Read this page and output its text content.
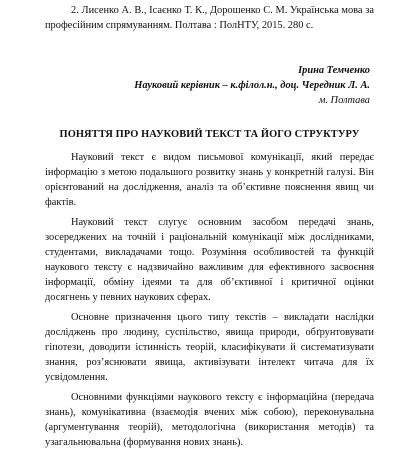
2. Лисенко А. В., Ісаєнко Т. К., Дорошенко С. М. Українська мова за професійним спрямуванням. Полтава : ПолНТУ, 2015. 280 с.

Ірина Темченко

Науковий керівник – к.філол.н., доц. Чередник Л. А.

м. Полтава

ПОНЯТТЯ ПРО НАУКОВИЙ ТЕКСТ ТА ЙОГО СТРУКТУРУ

Науковий текст є видом письмової комунікації, який передає інформацію з метою подальшого розвитку знань у конкретній галузі. Він орієнтований на дослідження, аналіз та об’єктивне пояснення явищ чи фактів.

Науковий текст слугує основним засобом передачі знань, зосереджених на точній і раціональній комунікації між дослідниками, студентами, викладачами тощо. Розуміння особливостей та функцій наукового тексту є надзвичайно важливим для ефективного засвоєння інформації, обміну ідеями та для об’єктивної і критичної оцінки досягнень у певних наукових сферах.

Основне призначення цього типу текстів – викладати наслідки досліджень про людину, суспільство, явища природи, обґрунтовувати гіпотези, доводити істинність теорій, класифікувати й систематизувати знання, роз’яснювати явища, активізувати інтелект читача для їх усвідомлення.

Основними функціями наукового тексту є інформаційна (передача знань), комунікативна (взаємодія вчених між собою), переконувальна (аргументування теорій), методологічна (використання методів) та узагальнювальна (формування нових знань).
